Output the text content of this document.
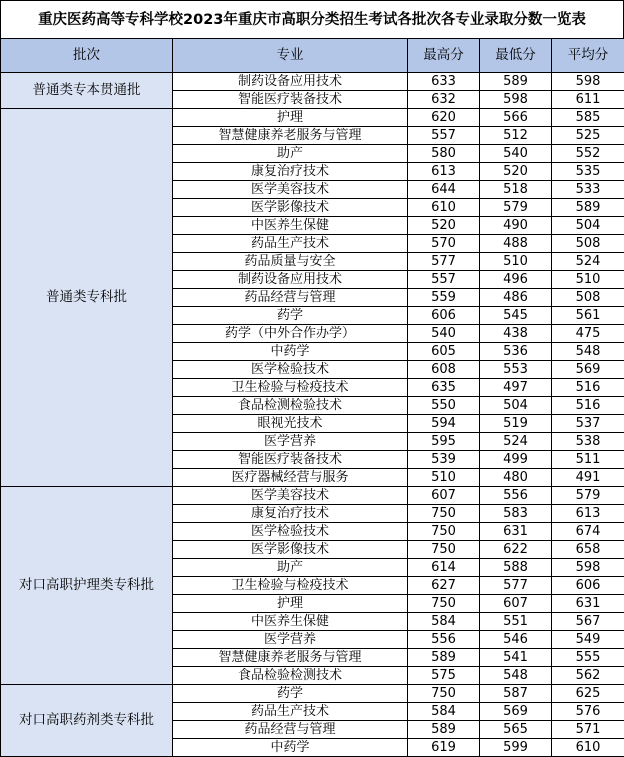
重庆医药高等专科学校2023年重庆市高职分类招生考试各批次各专业录取分数一览表
批次	专业	最高分	最低分	平均分
普通类专本贯通批	制药设备应用技术	633	589	598
	智能医疗装备技术	632	598	611
普通类专科批	护理	620	566	585
	智慧健康养老服务与管理	557	512	525
	助产	580	540	552
	康复治疗技术	613	520	535
	医学美容技术	644	518	533
	医学影像技术	610	579	589
	中医养生保健	520	490	504
	药品生产技术	570	488	508
	药品质量与安全	577	510	524
	制药设备应用技术	557	496	510
	药品经营与管理	559	486	508
	药学	606	545	561
	药学（中外合作办学）	540	438	475
	中药学	605	536	548
	医学检验技术	608	553	569
	卫生检验与检疫技术	635	497	516
	食品检测检验技术	550	504	516
	眼视光技术	594	519	537
	医学营养	595	524	538
	智能医疗装备技术	539	499	511
	医疗器械经营与服务	510	480	491
对口高职护理类专科批	医学美容技术	607	556	579
	康复治疗技术	750	583	613
	医学检验技术	750	631	674
	医学影像技术	750	622	658
	助产	614	588	598
	卫生检验与检疫技术	627	577	606
	护理	750	607	631
	中医养生保健	584	551	567
	医学营养	556	546	549
	智慧健康养老服务与管理	589	541	555
	食品检验检测技术	575	548	562
对口高职药剂类专科批	药学	750	587	625
	药品生产技术	584	569	576
	药品经营与管理	589	565	571
	中药学	619	599	610
